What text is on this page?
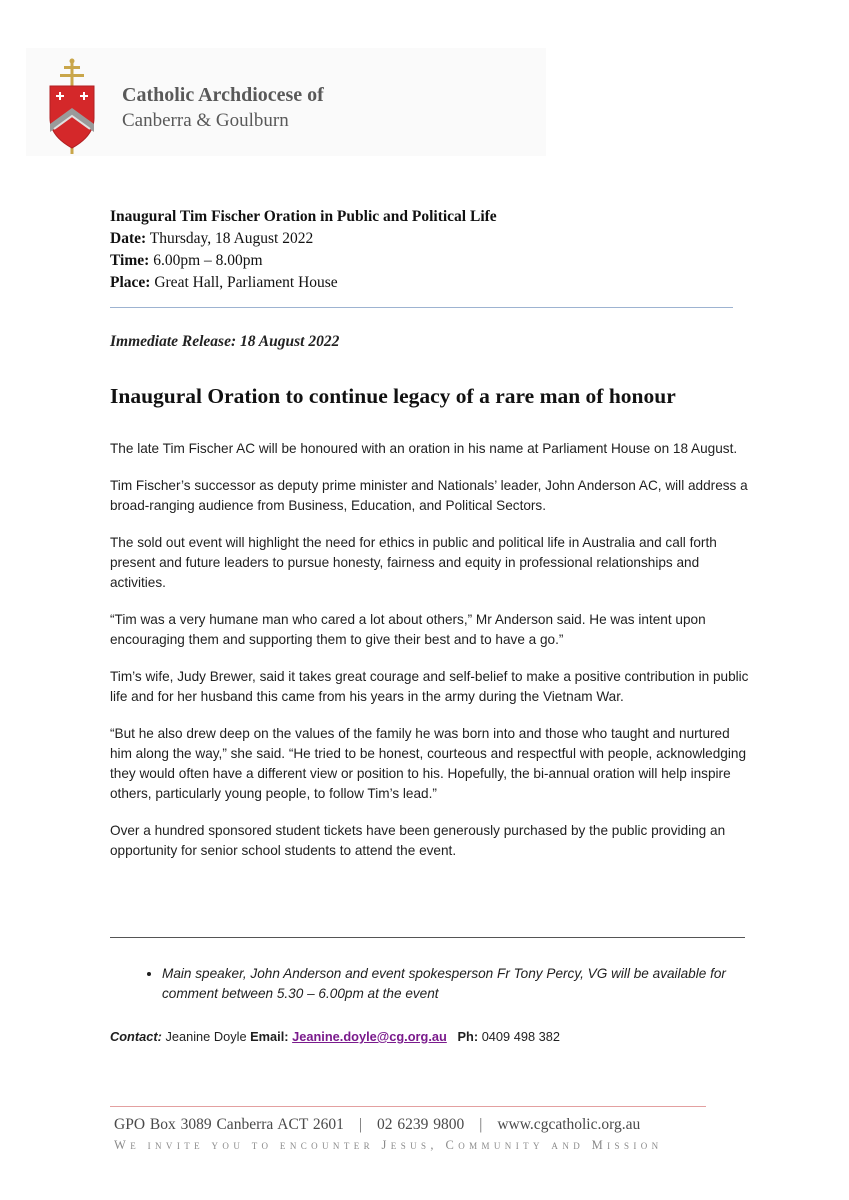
Catholic Archdiocese of
Canberra & Goulburn
Inaugural Tim Fischer Oration in Public and Political Life
Date: Thursday, 18 August 2022
Time: 6.00pm – 8.00pm
Place: Great Hall, Parliament House
Immediate Release: 18 August 2022
Inaugural Oration to continue legacy of a rare man of honour

The late Tim Fischer AC will be honoured with an oration in his name at Parliament House on 18 August.

Tim Fischer’s successor as deputy prime minister and Nationals’ leader, John Anderson AC, will address a broad-ranging audience from Business, Education, and Political Sectors.

The sold out event will highlight the need for ethics in public and political life in Australia and call forth present and future leaders to pursue honesty, fairness and equity in professional relationships and activities.

“Tim was a very humane man who cared a lot about others,” Mr Anderson said. He was intent upon encouraging them and supporting them to give their best and to have a go.”

Tim’s wife, Judy Brewer, said it takes great courage and self-belief to make a positive contribution in public life and for her husband this came from his years in the army during the Vietnam War.

“But he also drew deep on the values of the family he was born into and those who taught and nurtured him along the way,” she said. “He tried to be honest, courteous and respectful with people, acknowledging they would often have a different view or position to his. Hopefully, the bi-annual oration will help inspire others, particularly young people, to follow Tim’s lead.”

Over a hundred sponsored student tickets have been generously purchased by the public providing an opportunity for senior school students to attend the event.

• Main speaker, John Anderson and event spokesperson Fr Tony Percy, VG will be available for comment between 5.30 – 6.00pm at the event
Contact: Jeanine Doyle Email: Jeanine.doyle@cg.org.au Ph: 0409 498 382
GPO Box 3089 Canberra ACT 2601 | 02 6239 9800 | www.cgcatholic.org.au
We invite you to encounter Jesus, Community and Mission
